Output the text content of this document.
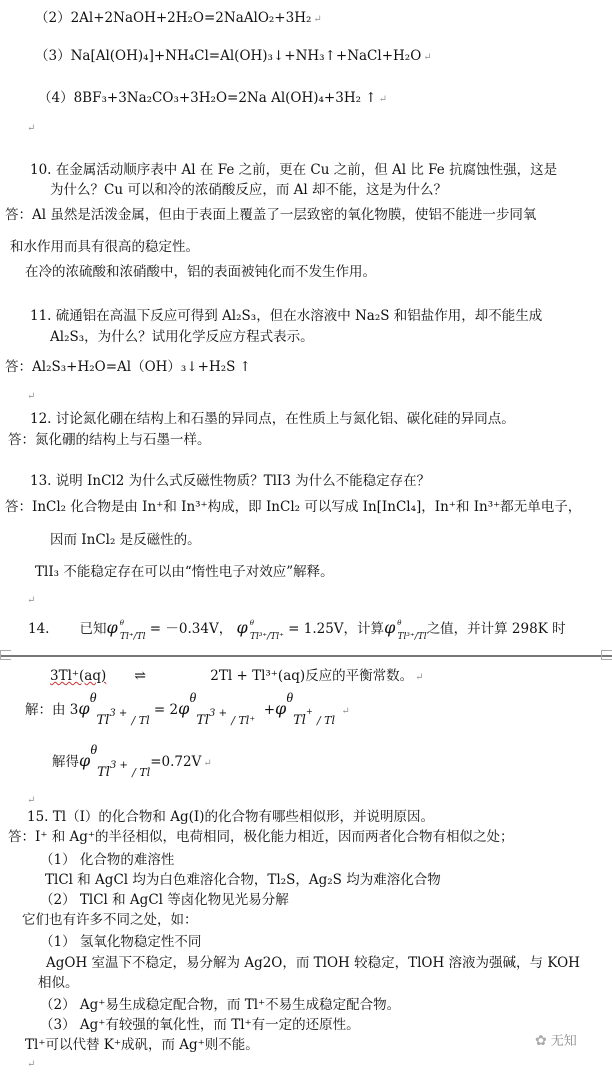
（2）2Al+2NaOH+2H₂O=2NaAlO₂+3H₂ ↵
（3）Na[Al(OH)₄]+NH₄Cl=Al(OH)₃↓+NH₃↑+NaCl+H₂O ↵
（4）8BF₃+3Na₂CO₃+3H₂O=2Na Al(OH)₄+3H₂ ↑ ↵
↵
10. 在金属活动顺序表中 Al 在 Fe 之前，更在 Cu 之前，但 Al 比 Fe 抗腐蚀性强，这是
为什么？Cu 可以和冷的浓硝酸反应，而 Al 却不能，这是为什么？
答：Al 虽然是活泼金属，但由于表面上覆盖了一层致密的氧化物膜，使铝不能进一步同氧
和水作用而具有很高的稳定性。
在冷的浓硫酸和浓硝酸中，铝的表面被钝化而不发生作用。
11. 硫通铝在高温下反应可得到 Al₂S₃，但在水溶液中 Na₂S 和铝盐作用，却不能生成
Al₂S₃，为什么？试用化学反应方程式表示。
答：Al₂S₃+H₂O=Al（OH）₃↓+H₂S ↑
↵
12. 讨论氮化硼在结构上和石墨的异同点，在性质上与氮化铝、碳化硅的异同点。
答：氮化硼的结构上与石墨一样。
13. 说明 InCl2 为什么式反磁性物质？TlI3 为什么不能稳定存在？
答：InCl₂ 化合物是由 In⁺和 In³⁺构成，即 InCl₂ 可以写成 In[InCl₄]，In⁺和 In³⁺都无单电子，
因而 InCl₂ 是反磁性的。
TlI₃ 不能稳定存在可以由“惰性电子对效应”解释。
↵
14. 已知φ $^\theta_{Tl^+/Tl}$ = －0.34V， φ $^\theta_{Tl^{3+}/Tl^+}$ = 1.25V，计算φ $^\theta_{Tl^{3+}/Tl}$之值，并计算 298K 时
3Tl⁺(aq) ⇌	2Tl + Tl³⁺(aq)反应的平衡常数。 ↵
解：由 3φθTl3 + $_{/ Tl}$ = 2φθTl3 + $_{/ Tl^+}$  +φθTl+ $_{/ Tl}$ ↵
解得φθTl3 + $_{/ Tl}$=0.72V ↵
↵
15. Tl（Ⅰ）的化合物和 Ag(I)的化合物有哪些相似形，并说明原因。
答：I⁺ 和 Ag⁺的半径相似，电荷相同，极化能力相近，因而两者化合物有相似之处；
（1） 化合物的难溶性
TlCl 和 AgCl 均为白色难溶化合物，Tl₂S，Ag₂S 均为难溶化合物
（2） TlCl 和 AgCl 等卤化物见光易分解
它们也有许多不同之处，如：
（1） 氢氧化物稳定性不同
AgOH 室温下不稳定，易分解为 Ag2O，而 TlOH 较稳定，TlOH 溶液为强碱，与 KOH
相似。
（2） Ag⁺易生成稳定配合物，而 Tl⁺不易生成稳定配合物。
（3） Ag⁺有较强的氧化性，而 Tl⁺有一定的还原性。
Tl⁺可以代替 K⁺成矾，而 Ag⁺则不能。
↵
✿ 无知
